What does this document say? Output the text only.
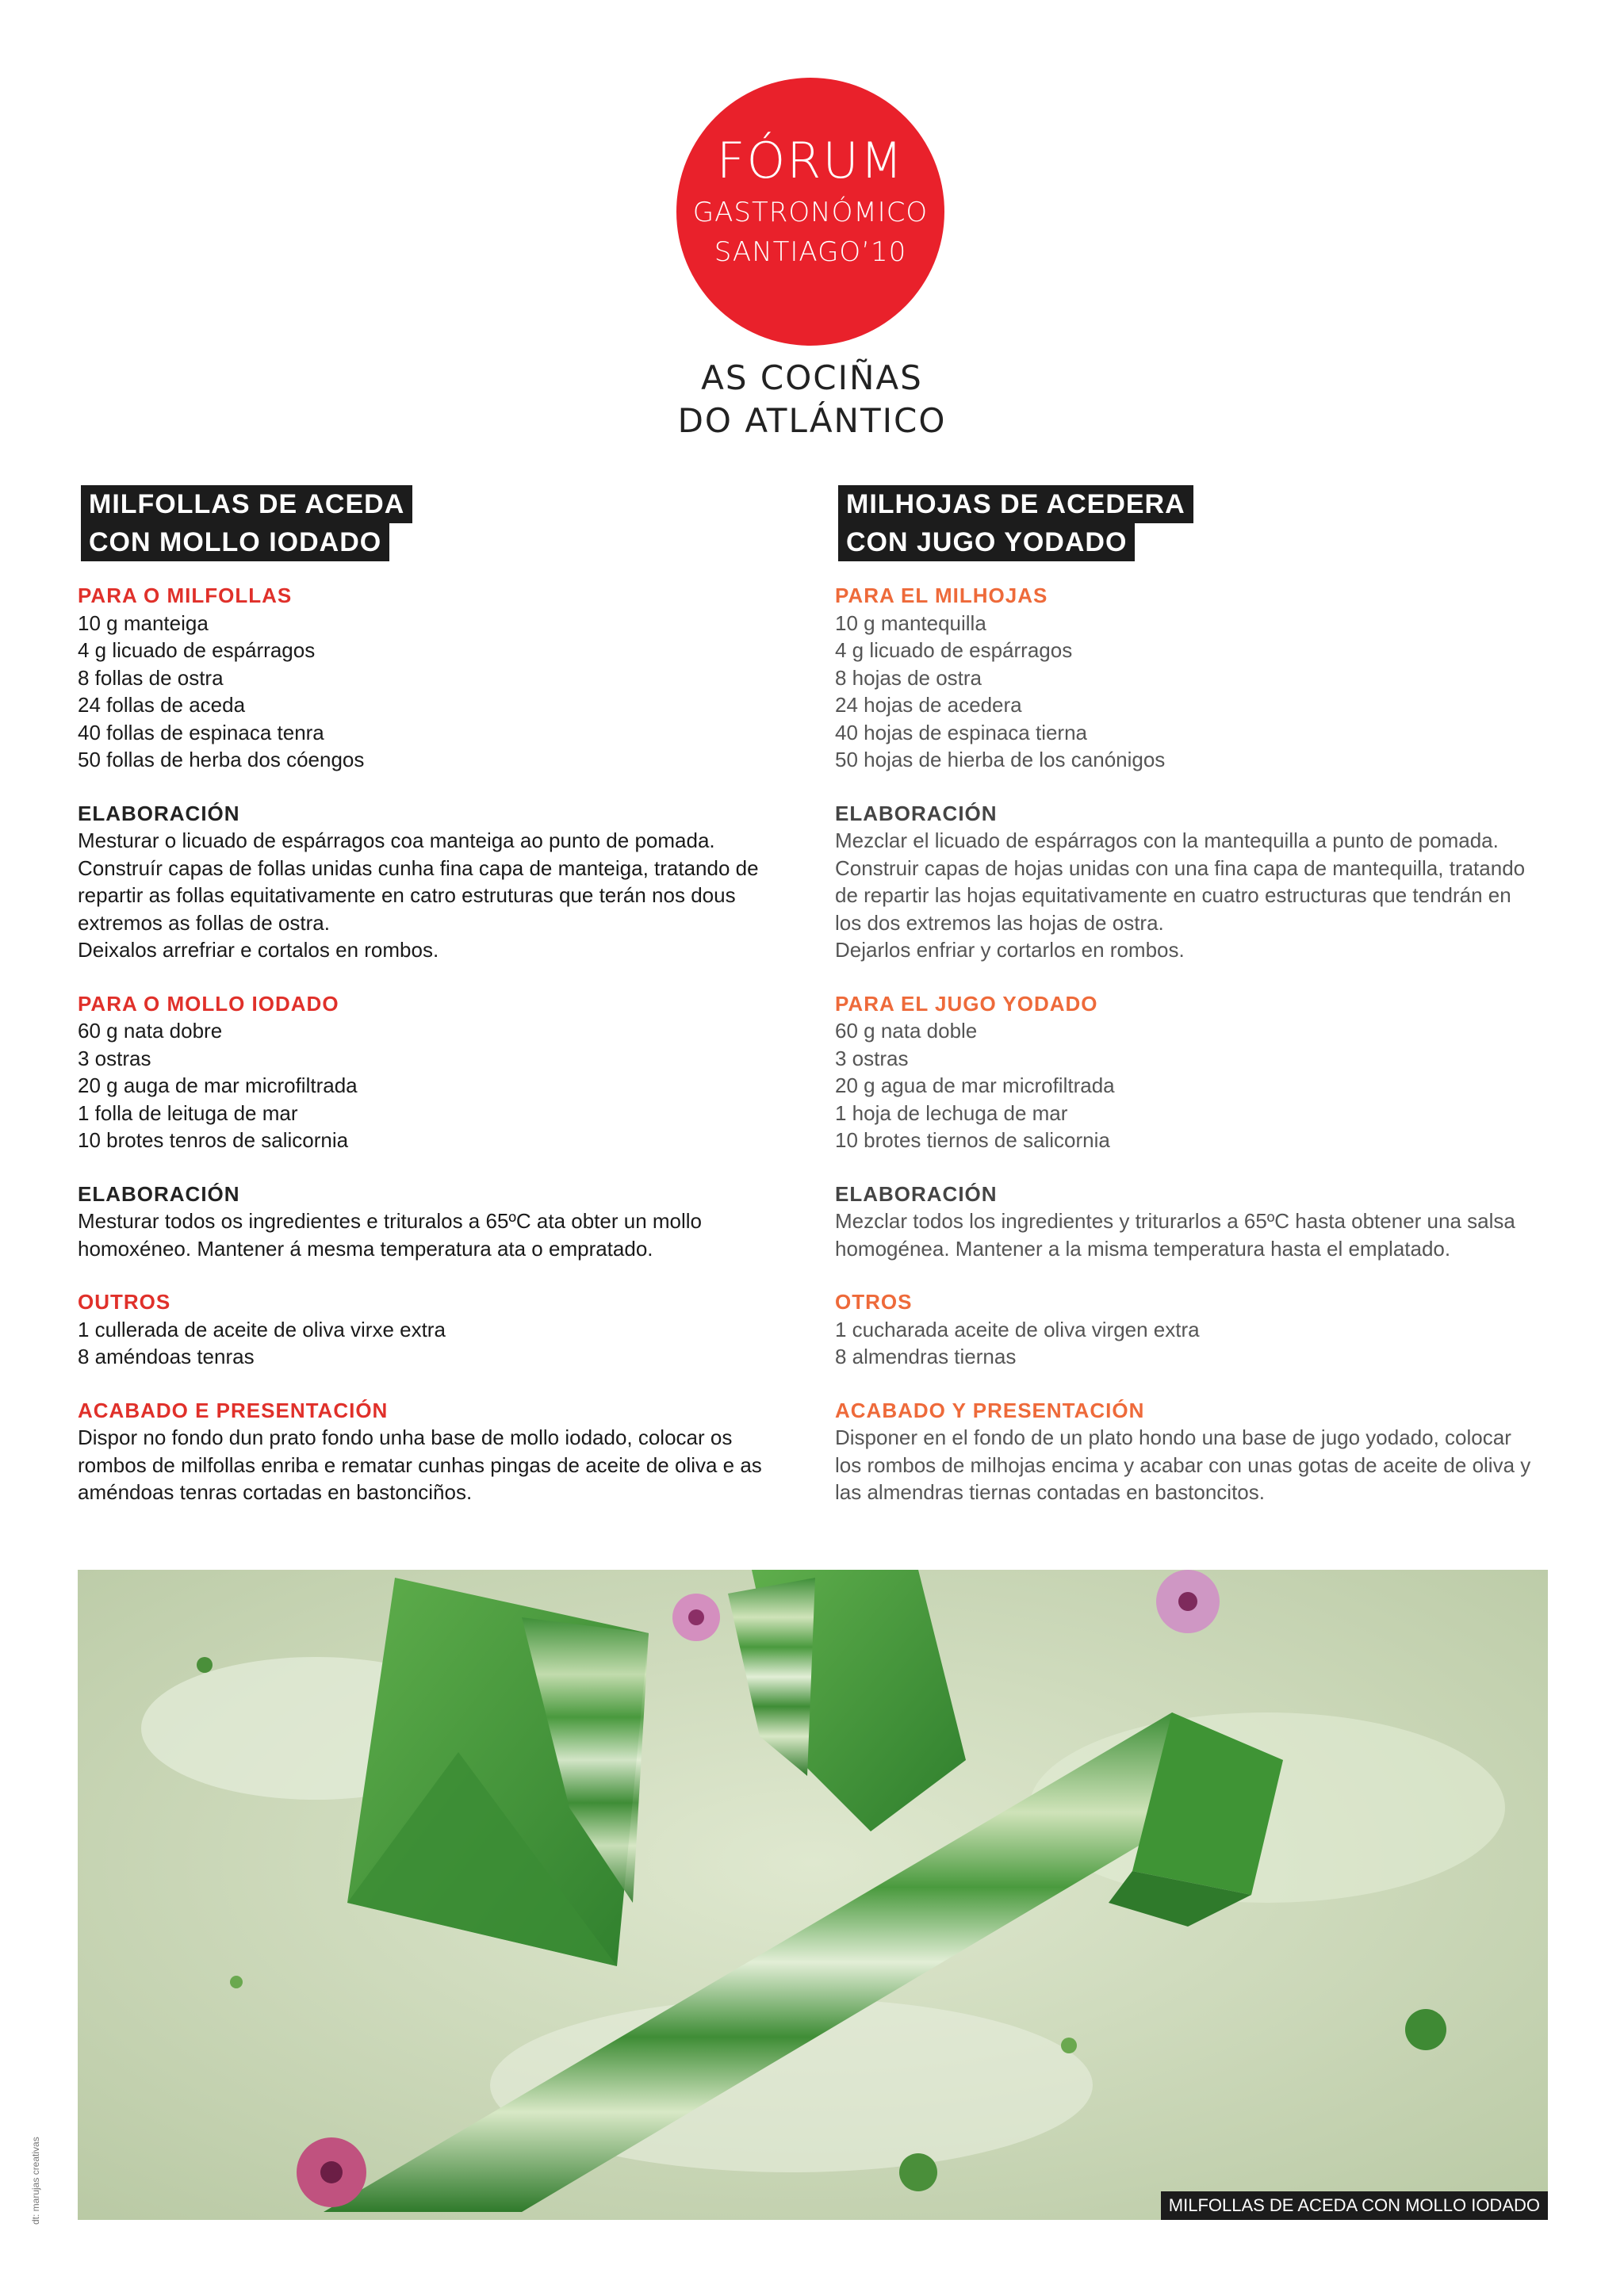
FÓRUM
GASTRONÓMICO
SANTIAGO’10
AS COCIÑAS
DO ATLÁNTICO
MILFOLLAS DE ACEDA
CON MOLLO IODADO
PARA O MILFOLLAS
10 g manteiga
4 g licuado de espárragos
8 follas de ostra
24 follas de aceda
40 follas de espinaca tenra
50 follas de herba dos cóengos
ELABORACIÓN
Mesturar o licuado de espárragos coa manteiga ao punto de pomada.
Construír capas de follas unidas cunha fina capa de manteiga, tratando de
repartir as follas equitativamente en catro estruturas que terán nos dous
extremos as follas de ostra.
Deixalos arrefriar e cortalos en rombos.
PARA O MOLLO IODADO
60 g nata dobre
3 ostras
20 g auga de mar microfiltrada
1 folla de leituga de mar
10 brotes tenros de salicornia
ELABORACIÓN
Mesturar todos os ingredientes e trituralos a 65ºC ata obter un mollo
homoxéneo. Mantener á mesma temperatura ata o empratado.
OUTROS
1 cullerada de aceite de oliva virxe extra
8 améndoas tenras
ACABADO E PRESENTACIÓN
Dispor no fondo dun prato fondo unha base de mollo iodado, colocar os
rombos de milfollas enriba e rematar cunhas pingas de aceite de oliva e as
améndoas tenras cortadas en bastonciños.
MILHOJAS DE ACEDERA
CON JUGO YODADO
PARA EL MILHOJAS
10 g mantequilla
4 g licuado de espárragos
8 hojas de ostra
24 hojas de acedera
40 hojas de espinaca tierna
50 hojas de hierba de los canónigos
ELABORACIÓN
Mezclar el licuado de espárragos con la mantequilla a punto de pomada.
Construir capas de hojas unidas con una fina capa de mantequilla, tratando
de repartir las hojas equitativamente en cuatro estructuras que tendrán en
los dos extremos las hojas de ostra.
Dejarlos enfriar y cortarlos en rombos.
PARA EL JUGO YODADO
60 g nata doble
3 ostras
20 g agua de mar microfiltrada
1 hoja de lechuga de mar
10 brotes tiernos de salicornia
ELABORACIÓN
Mezclar todos los ingredientes y triturarlos a 65ºC hasta obtener una salsa
homogénea. Mantener a la misma temperatura hasta el emplatado.
OTROS
1 cucharada aceite de oliva virgen extra
8 almendras tiernas
ACABADO Y PRESENTACIÓN
Disponer en el fondo de un plato hondo una base de jugo yodado, colocar
los rombos de milhojas encima y acabar con unas gotas de aceite de oliva y
las almendras tiernas contadas en bastoncitos.
MILFOLLAS DE ACEDA CON MOLLO IODADO
dt: marujas creativas
